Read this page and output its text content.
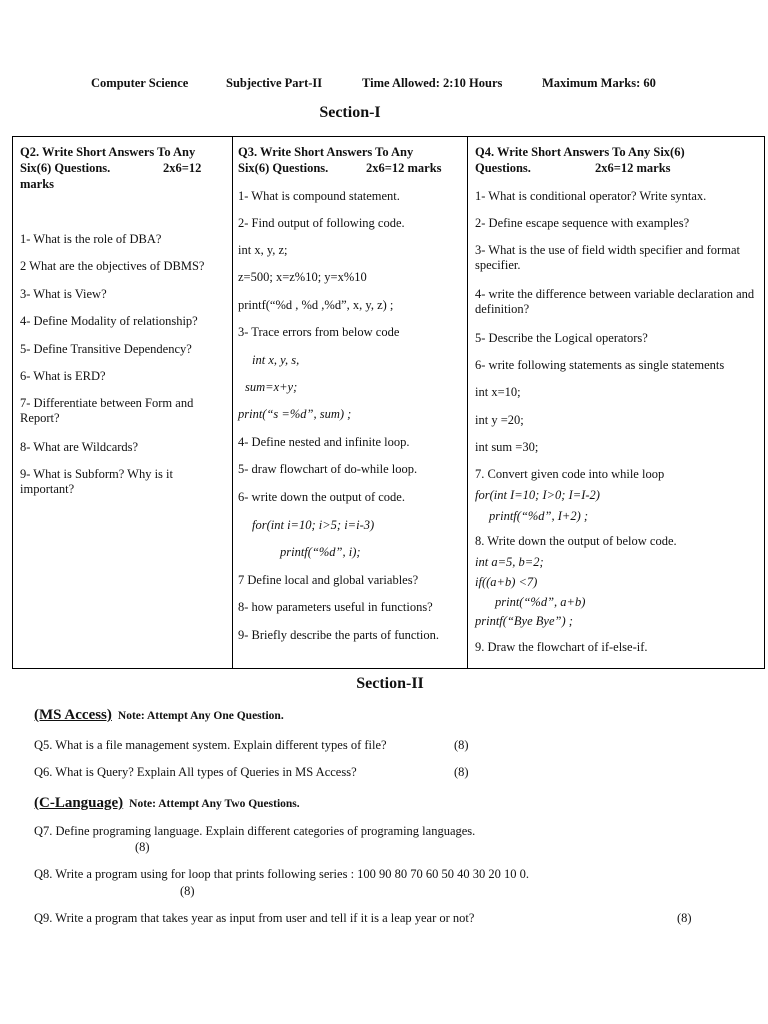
Computer Science	Subjective Part-II	Time Allowed: 2:10 Hours	Maximum Marks: 60
Section-I
Q2. Write Short Answers To Any
Six(6) Questions.	2x6=12
marks
1- What is the role of DBA?
2 What are the objectives of DBMS?
3- What is View?
4- Define Modality of relationship?
5- Define Transitive Dependency?
6- What is ERD?
7- Differentiate between Form and Report?
8- What are Wildcards?
9- What is Subform? Why is it important?
Q3. Write Short Answers To Any
Six(6) Questions.	2x6=12 marks
1- What is compound statement.
2- Find output of following code.
int x, y, z;
z=500; x=z%10; y=x%10
printf(“%d , %d ,%d”, x, y, z) ;
3- Trace errors from below code
int x, y, s,
sum=x+y;
print(“s =%d”, sum) ;
4- Define nested and infinite loop.
5- draw flowchart of do-while loop.
6- write down the output of code.
for(int i=10; i>5; i=i-3)
printf(“%d”, i);
7 Define local and global variables?
8- how parameters useful in functions?
9- Briefly describe the parts of function.
Q4. Write Short Answers To Any Six(6)
Questions.	2x6=12 marks
1- What is conditional operator? Write syntax.
2- Define escape sequence with examples?
3- What is the use of field width specifier and format specifier.
4- write the difference between variable declaration and definition?
5- Describe the Logical operators?
6- write following statements as single statements
int x=10;
int y =20;
int sum =30;
7. Convert given code into while loop
for(int I=10; I>0; I=I-2)
printf(“%d”, I+2) ;
8. Write down the output of below code.
int a=5, b=2;
if((a+b) <7)
print(“%d”, a+b)
printf(“Bye Bye”) ;
9. Draw the flowchart of if-else-if.
Section-II
(MS Access) Note: Attempt Any One Question.
Q5. What is a file management system. Explain different types of file?	(8)
Q6. What is Query? Explain All types of Queries in MS Access?	(8)
(C-Language) Note: Attempt Any Two Questions.
Q7. Define programing language. Explain different categories of programing languages.
(8)
Q8. Write a program using for loop that prints following series : 100 90 80 70 60 50 40 30 20 10 0.
(8)
Q9. Write a program that takes year as input from user and tell if it is a leap year or not?	(8)
